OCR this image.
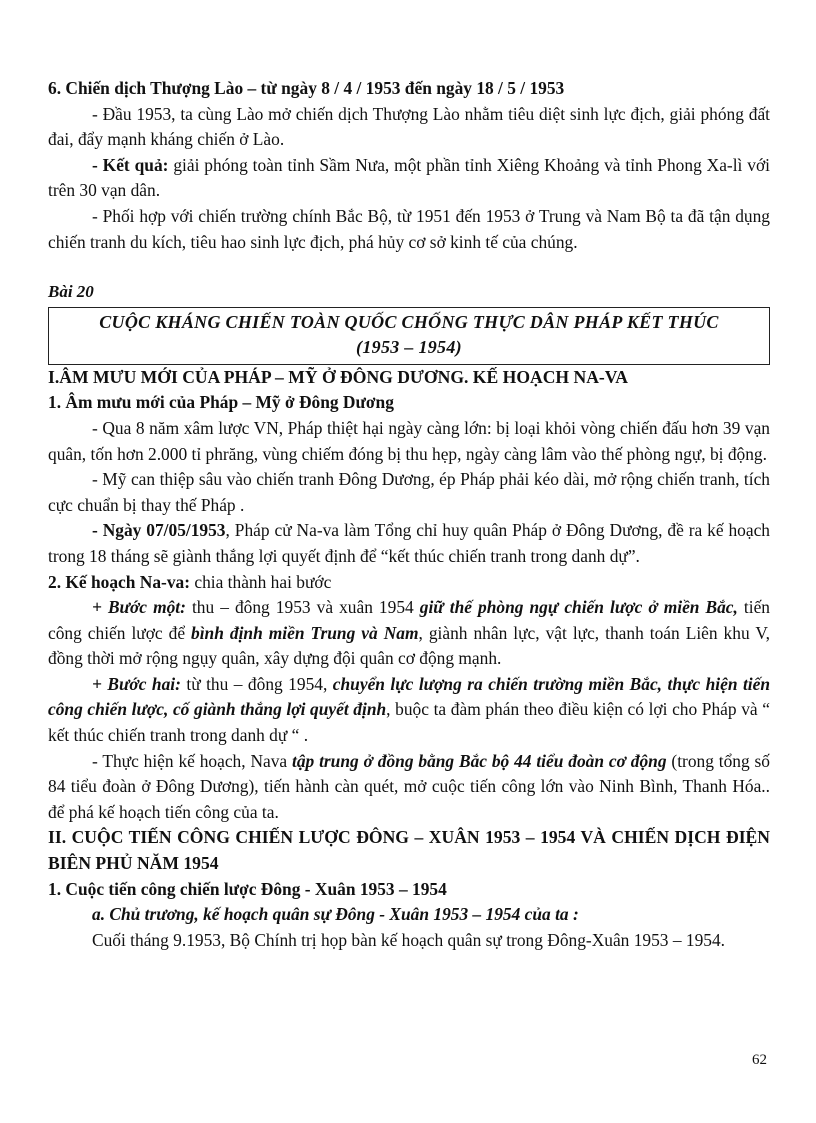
6. Chiến dịch Thượng Lào – từ ngày 8 / 4 / 1953 đến ngày 18 / 5 / 1953

- Đầu 1953, ta cùng Lào mở chiến dịch Thượng Lào nhằm tiêu diệt sinh lực địch, giải phóng đất đai, đẩy mạnh kháng chiến ở Lào.

- Kết quả: giải phóng toàn tỉnh Sầm Nưa, một phần tỉnh Xiêng Khoảng và tỉnh Phong Xa-lì với trên 30 vạn dân.

- Phối hợp với chiến trường chính Bắc Bộ, từ 1951 đến 1953 ở Trung và Nam Bộ ta đã tận dụng chiến tranh du kích, tiêu hao sinh lực địch, phá hủy cơ sở kinh tế của chúng.

Bài 20

CUỘC KHÁNG CHIẾN TOÀN QUỐC CHỐNG THỰC DÂN PHÁP KẾT THÚC
(1953 – 1954)

I.ÂM MƯU MỚI CỦA PHÁP – MỸ Ở ĐÔNG DƯƠNG. KẾ HOẠCH NA-VA

1. Âm mưu mới của Pháp – Mỹ ở Đông Dương

- Qua 8 năm xâm lược VN, Pháp thiệt hại ngày càng lớn: bị loại khỏi vòng chiến đấu hơn 39 vạn quân, tốn hơn 2.000 tỉ phrăng, vùng chiếm đóng bị thu hẹp, ngày càng lâm vào thế phòng ngự, bị động.

- Mỹ can thiệp sâu vào chiến tranh Đông Dương, ép Pháp phải kéo dài, mở rộng chiến tranh, tích cực chuẩn bị thay thế Pháp .

- Ngày 07/05/1953, Pháp cử Na-va làm Tổng chỉ huy quân Pháp ở Đông Dương, đề ra kế hoạch trong 18 tháng sẽ giành thắng lợi quyết định để “kết thúc chiến tranh trong danh dự”.

2. Kế hoạch Na-va: chia thành hai bước

+ Bước một: thu – đông 1953 và xuân 1954 giữ thế phòng ngự chiến lược ở miền Bắc, tiến công chiến lược để bình định miền Trung và Nam, giành nhân lực, vật lực, thanh toán Liên khu V, đồng thời mở rộng ngụy quân, xây dựng đội quân cơ động mạnh.

+ Bước hai: từ thu – đông 1954, chuyển lực lượng ra chiến trường miền Bắc, thực hiện tiến công chiến lược, cố giành thắng lợi quyết định, buộc ta đàm phán theo điều kiện có lợi cho Pháp và “ kết thúc chiến tranh trong danh dự “ .

- Thực hiện kế hoạch, Nava tập trung ở đồng bằng Bắc bộ 44 tiểu đoàn cơ động (trong tổng số 84 tiểu đoàn ở Đông Dương), tiến hành càn quét, mở cuộc tiến công lớn vào Ninh Bình, Thanh Hóa.. để phá kế hoạch tiến công của ta.

II. CUỘC TIẾN CÔNG CHIẾN LƯỢC ĐÔNG – XUÂN 1953 – 1954 VÀ CHIẾN DỊCH ĐIỆN BIÊN PHỦ NĂM 1954

1. Cuộc tiến công chiến lược Đông - Xuân 1953 – 1954

a. Chủ trương, kế hoạch quân sự Đông - Xuân 1953 – 1954 của ta :

Cuối tháng 9.1953, Bộ Chính trị họp bàn kế hoạch quân sự trong Đông-Xuân 1953 – 1954.

62
